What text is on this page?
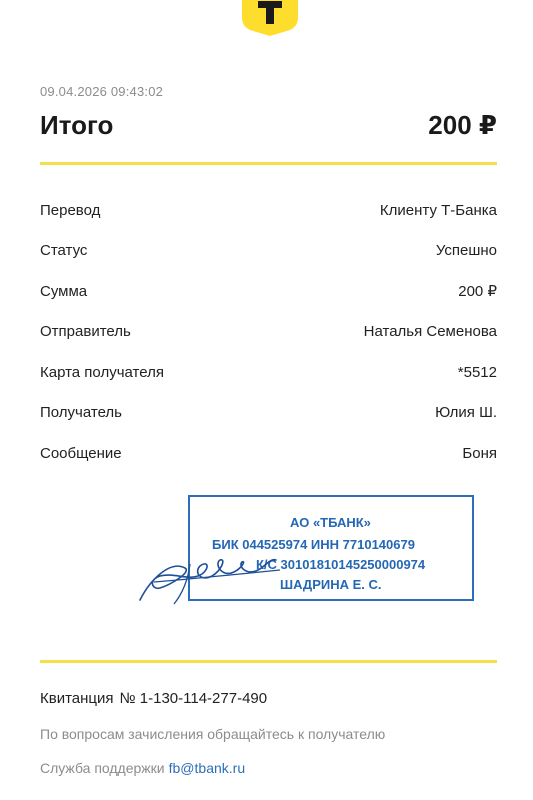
09.04.2026 09:43:02
Итого	200 ₽
Перевод	Клиенту Т-Банка
Статус	Успешно
Сумма	200 ₽
Отправитель	Наталья Семенова
Карта получателя	*5512
Получатель	Юлия Ш.
Сообщение	Боня
АО «ТБАНК»
БИК 044525974 ИНН 7710140679
К/С 30101810145250000974
ШАДРИНА Е. С.
Квитанция № 1-130-114-277-490
По вопросам зачисления обращайтесь к получателю
Служба поддержки fb@tbank.ru
